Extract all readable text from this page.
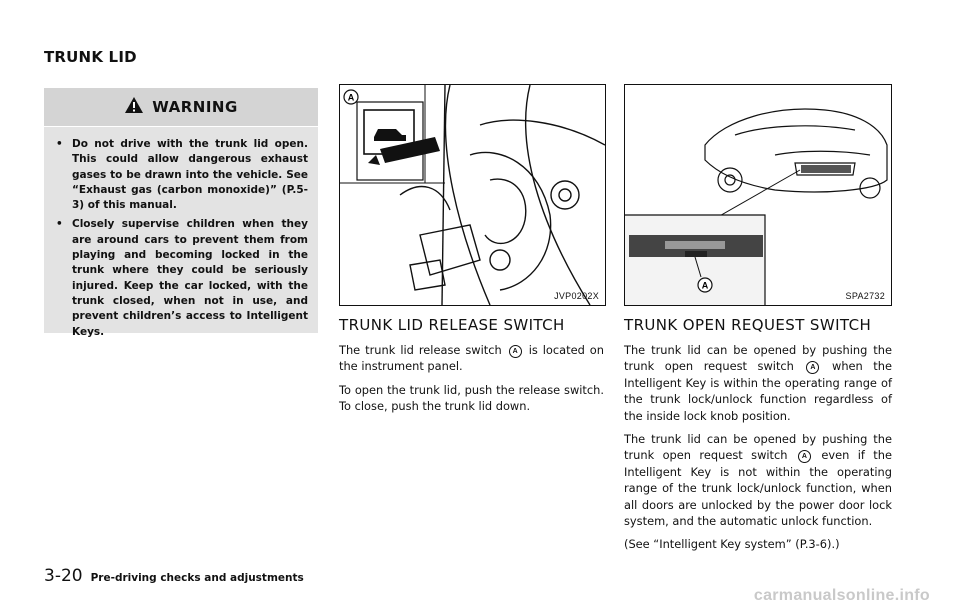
TRUNK LID
WARNING
• Do not drive with the trunk lid open. This could allow dangerous exhaust gases to be drawn into the vehicle. See “Exhaust gas (carbon monoxide)” (P.5-3) of this manual.
• Closely supervise children when they are around cars to prevent them from playing and becoming locked in the trunk where they could be seriously injured. Keep the car locked, with the trunk closed, when not in use, and prevent children’s access to Intelligent Keys.
A
JVP0202X
A
SPA2732
TRUNK LID RELEASE SWITCH

The trunk lid release switch A is located on the instrument panel.

To open the trunk lid, push the release switch. To close, push the trunk lid down.

TRUNK OPEN REQUEST SWITCH

The trunk lid can be opened by pushing the trunk open request switch A when the Intelligent Key is within the operating range of the trunk lock/unlock function regardless of the inside lock knob position.

The trunk lid can be opened by pushing the trunk open request switch A even if the Intelligent Key is not within the operating range of the trunk lock/unlock function, when all doors are unlocked by the power door lock system, and the automatic unlock function.

(See “Intelligent Key system” (P.3-6).)

3-20 Pre-driving checks and adjustments
carmanualsonline.info
